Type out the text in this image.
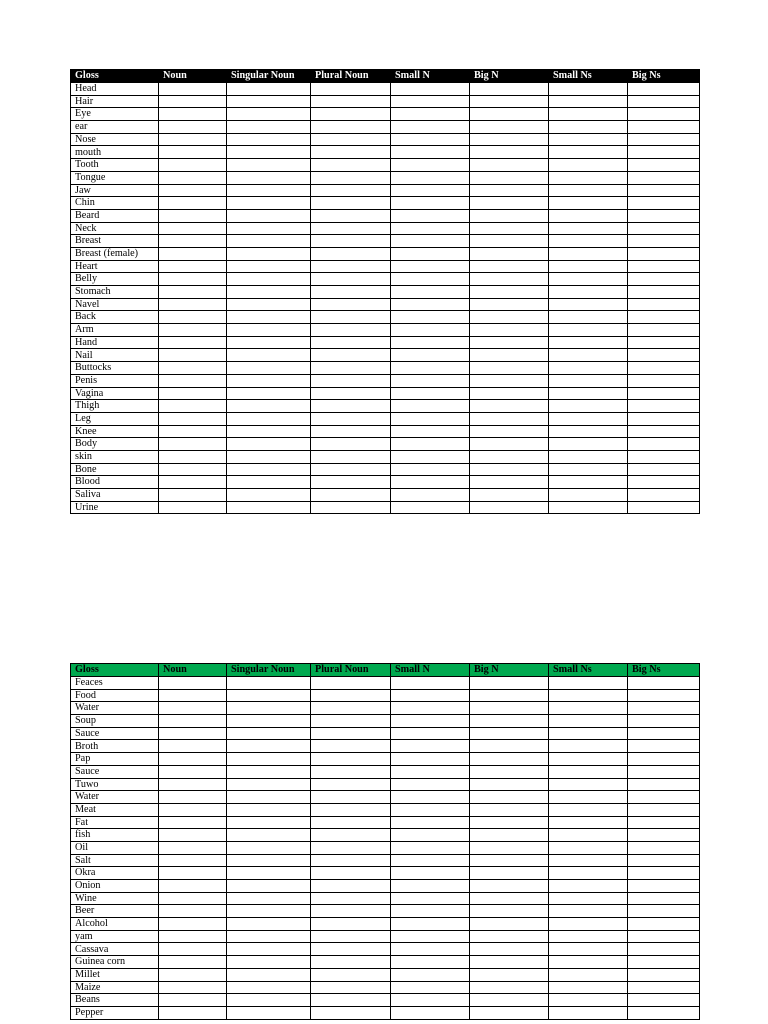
Gloss	Noun	Singular Noun	Plural Noun	Small N	Big N	Small Ns	Big Ns
Head							
Hair							
Eye							
ear							
Nose							
mouth							
Tooth							
Tongue							
Jaw							
Chin							
Beard							
Neck							
Breast							
Breast (female)							
Heart							
Belly							
Stomach							
Navel							
Back							
Arm							
Hand							
Nail							
Buttocks							
Penis							
Vagina							
Thigh							
Leg							
Knee							
Body							
skin							
Bone							
Blood							
Saliva							
Urine							
Gloss	Noun	Singular Noun	Plural Noun	Small N	Big N	Small Ns	Big Ns
Feaces							
Food							
Water							
Soup							
Sauce							
Broth							
Pap							
Sauce							
Tuwo							
Water							
Meat							
Fat							
fish							
Oil							
Salt							
Okra							
Onion							
Wine							
Beer							
Alcohol							
yam							
Cassava							
Guinea corn							
Millet							
Maize							
Beans							
Pepper							
